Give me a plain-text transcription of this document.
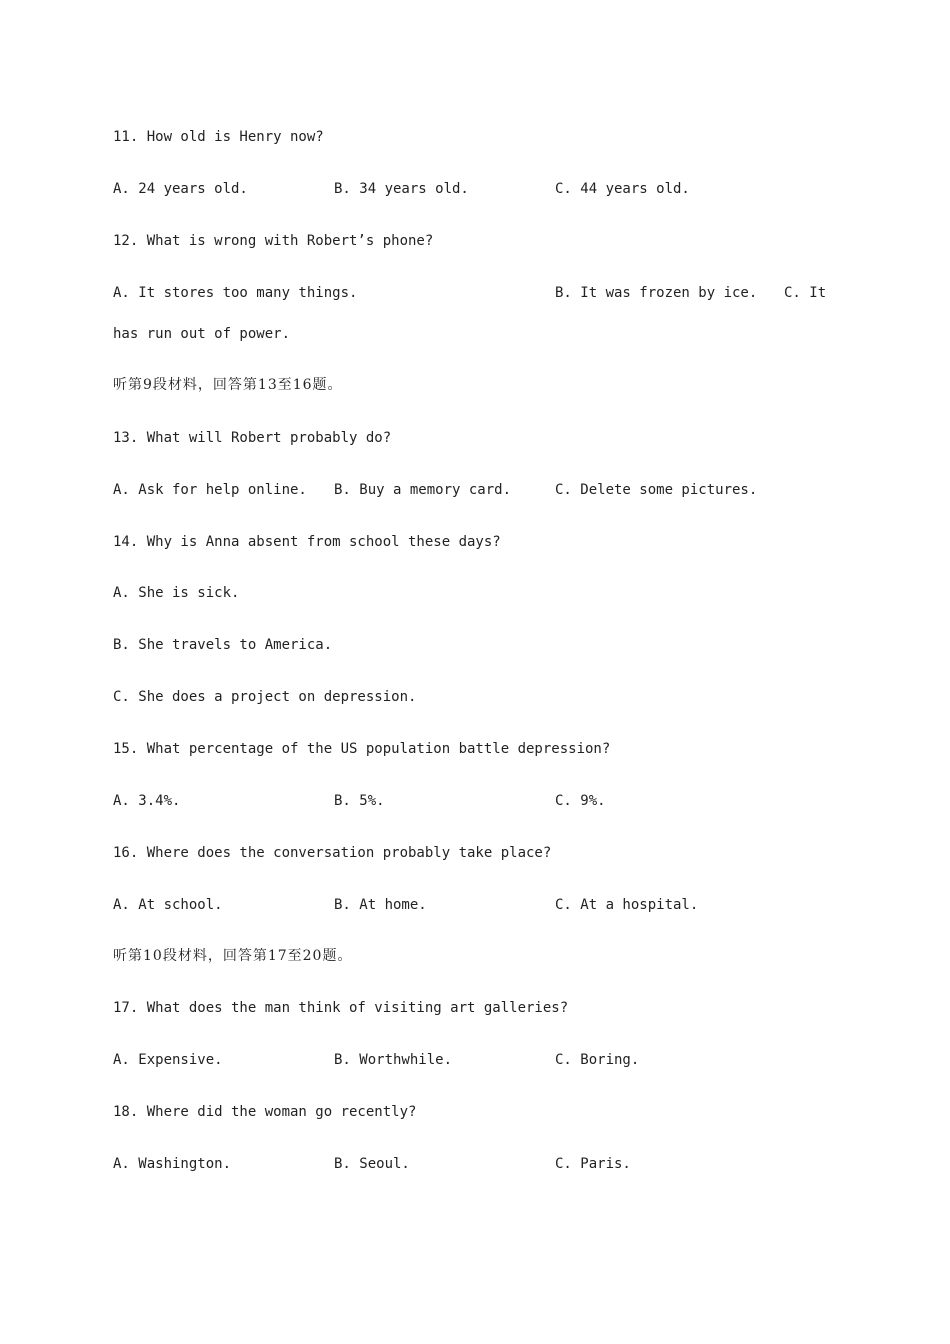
11. How old is Henry now?
A. 24 years old.	B. 34 years old.	C. 44 years old.
12. What is wrong with Robert’s phone?
A. It stores too many things.	B. It was frozen by ice. C. It
has run out of power.
听第9段材料，回答第13至16题。
13. What will Robert probably do?
A. Ask for help online. B. Buy a memory card.	C. Delete some pictures.
14. Why is Anna absent from school these days?
A. She is sick.
B. She travels to America.
C. She does a project on depression.
15. What percentage of the US population battle depression?
A. 3.4%.	B. 5%.	C. 9%.
16. Where does the conversation probably take place?
A. At school.	B. At home.	C. At a hospital.
听第10段材料，回答第17至20题。
17. What does the man think of visiting art galleries?
A. Expensive.	B. Worthwhile.	C. Boring.
18. Where did the woman go recently?
A. Washington.	B. Seoul.	C. Paris.
